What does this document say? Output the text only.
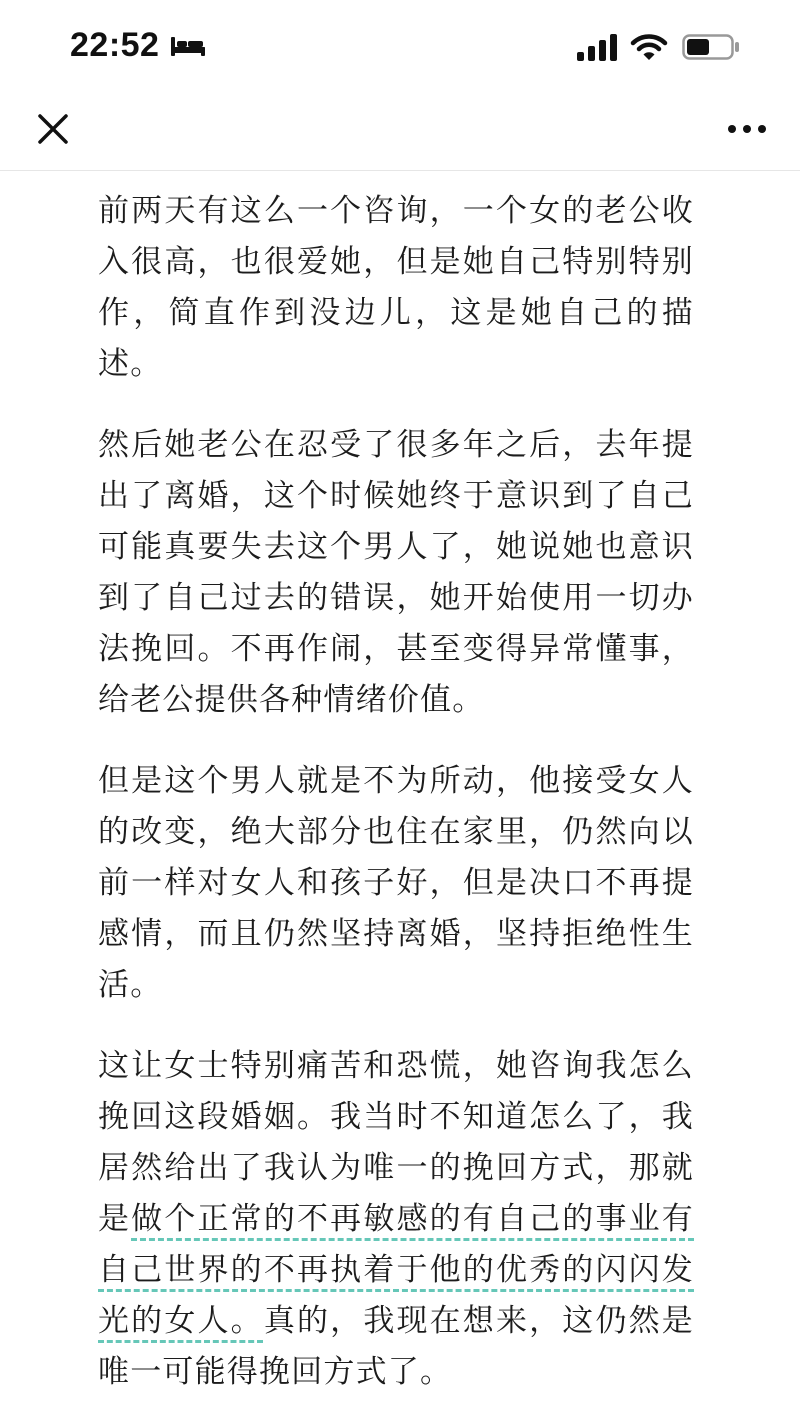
22:52

前两天有这么一个咨询，一个女的老公收入很高，也很爱她，但是她自己特别特别作，简直作到没边儿，这是她自己的描述。

然后她老公在忍受了很多年之后，去年提出了离婚，这个时候她终于意识到了自己可能真要失去这个男人了，她说她也意识到了自己过去的错误，她开始使用一切办法挽回。不再作闹，甚至变得异常懂事，给老公提供各种情绪价值。

但是这个男人就是不为所动，他接受女人的改变，绝大部分也住在家里，仍然向以前一样对女人和孩子好，但是决口不再提感情，而且仍然坚持离婚，坚持拒绝性生活。

这让女士特别痛苦和恐慌，她咨询我怎么挽回这段婚姻。我当时不知道怎么了，我居然给出了我认为唯一的挽回方式，那就是做个正常的不再敏感的有自己的事业有自己世界的不再执着于他的优秀的闪闪发光的女人。真的，我现在想来，这仍然是唯一可能得挽回方式了。
